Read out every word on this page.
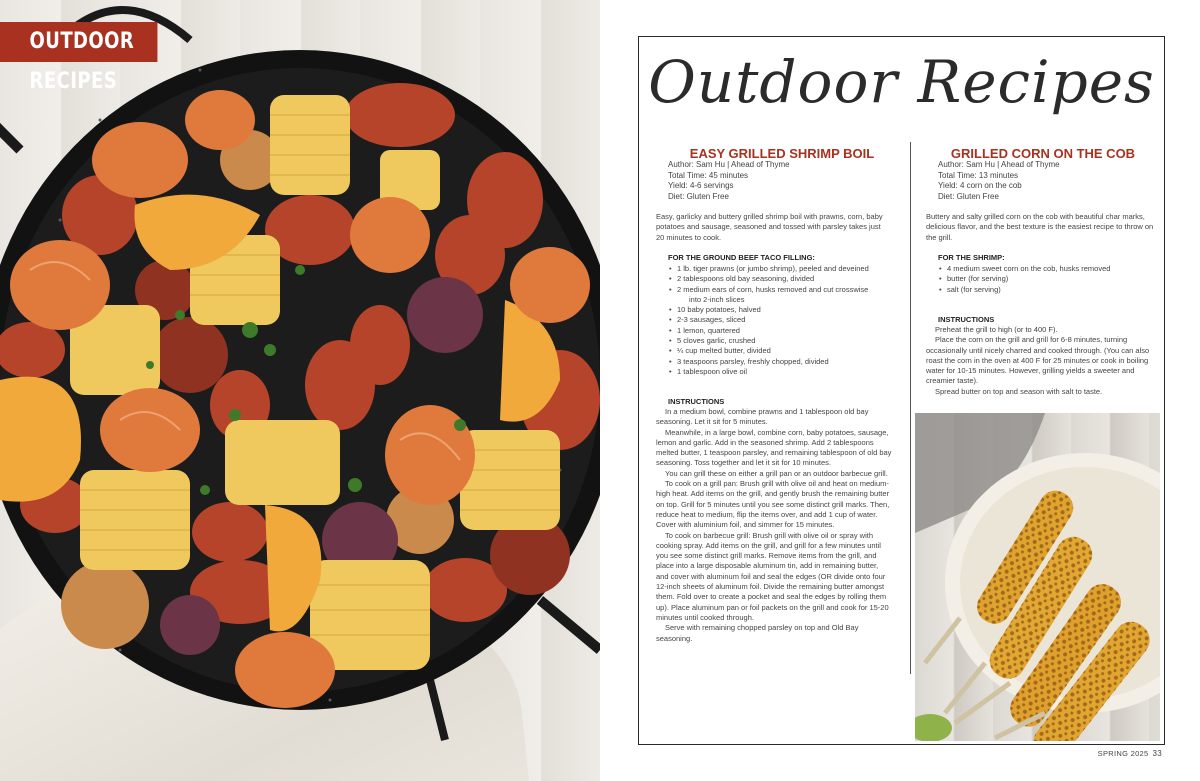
OUTDOOR RECIPES	Outdoor Recipes
EASY GRILLED SHRIMP BOIL
Author: Sam Hu | Ahead of Thyme
Total Time: 45 minutes
Yield: 4-6 servings
Diet: Gluten Free
Easy, garlicky and buttery grilled shrimp boil with prawns, corn, baby potatoes and sausage, seasoned and tossed with parsley takes just 20 minutes to cook.
FOR THE GROUND BEEF TACO FILLING:
• 1 lb. tiger prawns (or jumbo shrimp), peeled and deveined
• 2 tablespoons old bay seasoning, divided
• 2 medium ears of corn, husks removed and cut crosswise
into 2-inch slices
• 10 baby potatoes, halved
• 2-3 sausages, sliced
• 1 lemon, quartered
• 5 cloves garlic, crushed
• ¼ cup melted butter, divided
• 3 teaspoons parsley, freshly chopped, divided
• 1 tablespoon olive oil
INSTRUCTIONS
In a medium bowl, combine prawns and 1 tablespoon old bay seasoning. Let it sit for 5 minutes.
Meanwhile, in a large bowl, combine corn, baby potatoes, sausage, lemon and garlic. Add in the seasoned shrimp. Add 2 tablespoons melted butter, 1 teaspoon parsley, and remaining tablespoon of old bay seasoning. Toss together and let it sit for 10 minutes.
You can grill these on either a grill pan or an outdoor barbecue grill.
To cook on a grill pan: Brush grill with olive oil and heat on medium-high heat. Add items on the grill, and gently brush the remaining butter on top. Grill for 5 minutes until you see some distinct grill marks. Then, reduce heat to medium, flip the items over, and add 1 cup of water. Cover with aluminium foil, and simmer for 15 minutes.
To cook on barbecue grill: Brush grill with olive oil or spray with cooking spray. Add items on the grill, and grill for a few minutes until you see some distinct grill marks. Remove items from the grill, and place into a large disposable aluminum tin, add in remaining butter, and cover with aluminum foil and seal the edges (OR divide onto four 12-inch sheets of aluminum foil. Divide the remaining butter amongst them. Fold over to create a pocket and seal the edges by rolling them up). Place aluminum pan or foil packets on the grill and cook for 15-20 minutes until cooked through.
Serve with remaining chopped parsley on top and Old Bay seasoning.
GRILLED CORN ON THE COB
Author: Sam Hu | Ahead of Thyme
Total Time: 13 minutes
Yield: 4 corn on the cob
Diet: Gluten Free
Buttery and salty grilled corn on the cob with beautiful char marks, delicious flavor, and the best texture is the easiest recipe to throw on the grill.
FOR THE SHRIMP:
• 4 medium sweet corn on the cob, husks removed
• butter (for serving)
• salt (for serving)
INSTRUCTIONS
Preheat the grill to high (or to 400 F).
Place the corn on the grill and grill for 6-8 minutes, turning occasionally until nicely charred and cooked through. (You can also roast the corn in the oven at 400 F for 25 minutes or cook in boiling water for 10-15 minutes. However, grilling yields a sweeter and creamier taste).
Spread butter on top and season with salt to taste.
SPRING 2025 33
